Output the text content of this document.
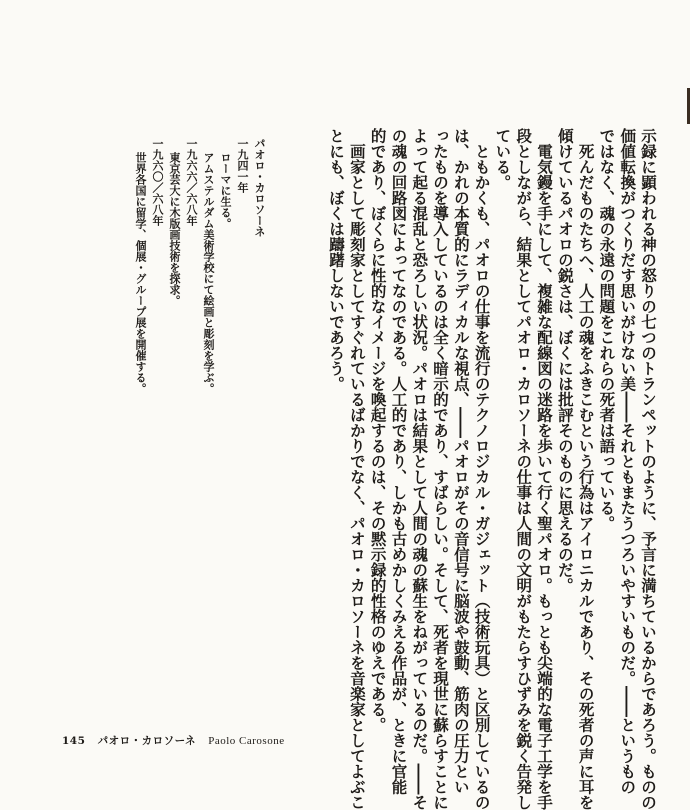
示録に顕われる神の怒りの七つのトランペットのように、予言に満ちているからであろう。ものの

価値転換がつくりだす思いがけない美――それともまたうつろいやすいものだ。――というもの

ではなく、魂の永遠の問題をこれらの死者は語っている。

　死んだものたちへ、人工の魂をふきこむという行為はアイロニカルであり、その死者の声に耳を

傾けているパオロの鋭さは、ぼくには批評そのものに思えるのだ。

　電気鏝を手にして、複雑な配線図の迷路を歩いて行く聖パオロ。もっとも尖端的な電子工学を手

段としながら、結果としてパオロ・カロソーネの仕事は人間の文明がもたらすひずみを鋭く告発し

ている。

　ともかくも、パオロの仕事を流行のテクノロジカル・ガジェット（技術玩具）と区別しているの

は、かれの本質的にラディカルな視点、――パオロがその音信号に脳波や鼓動、筋肉の圧力とい

ったものを導入しているのは全く暗示的であり、すばらしい。そして、死者を現世に蘇らすことに

よって起る混乱と恐ろしい状況。パオロは結果として人間の魂の蘇生をねがっているのだ。――そ

の魂の回路図によってなのである。人工的であり、しかも古めかしくみえる作品が、ときに官能

的であり、ぼくらに性的なイメージを喚起するのは、その黙示録的性格のゆえである。

　画家として彫刻家としてすぐれているばかりでなく、パオロ・カロソーネを音楽家としてよぶこ

とにも、ぼくは躊躇しないであろう。

パオロ・カロソーネ
一九四一年
ローマに生る。
アムステルダム美術学校にて絵画と彫刻を学ぶ。
一九六六／六八年
東京芸大に木版画技術を探求。
一九六〇／六八年
世界各国に留学、個展・グループ展を開催する。
145 パオロ・カロソーネ Paolo Carosone
